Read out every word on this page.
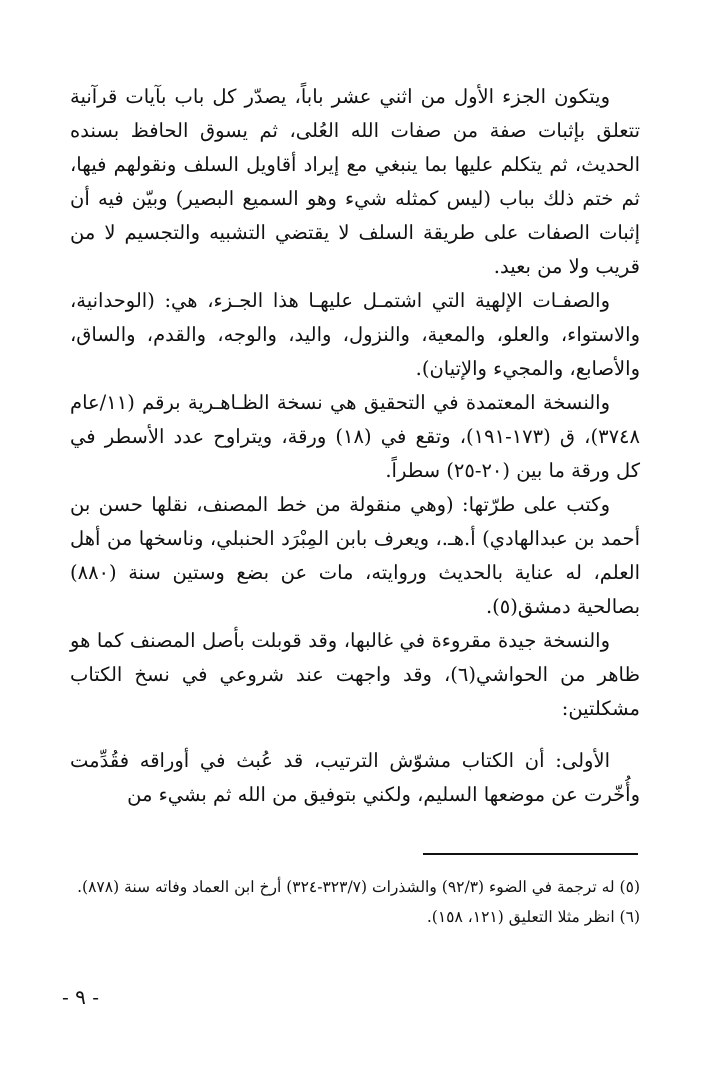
ويتكون الجزء الأول من اثني عشر باباً، يصدّر كل باب بآيات قرآنية تتعلق بإثبات صفة من صفات الله العُلى، ثم يسوق الحافظ بسنده الحديث، ثم يتكلم عليها بما ينبغي مع إيراد أقاويل السلف ونقولهم فيها، ثم ختم ذلك بباب (ليس كمثله شيء وهو السميع البصير) وبيّن فيه أن إثبات الصفات على طريقة السلف لا يقتضي التشبيه والتجسيم لا من قريب ولا من بعيد.

والصفـات الإلهية التي اشتمـل عليهـا هذا الجـزء، هي: (الوحدانية، والاستواء، والعلو، والمعية، والنزول، واليد، والوجه، والقدم، والساق، والأصابع، والمجيء والإتيان).

والنسخة المعتمدة في التحقيق هي نسخة الظـاهـرية برقم (١١/عام ٣٧٤٨)، ق (١٧٣-١٩١)، وتقع في (١٨) ورقة، ويتراوح عدد الأسطر في كل ورقة ما بين (٢٠-٢٥) سطراً.

وكتب على طرّتها: (وهي منقولة من خط المصنف، نقلها حسن بن أحمد بن عبدالهادي) أ.هـ.، ويعرف بابن المِبْرَد الحنبلي، وناسخها من أهل العلم، له عناية بالحديث وروايته، مات عن بضع وستين سنة (٨٨٠) بصالحية دمشق(٥).

والنسخة جيدة مقروءة في غالبها، وقد قوبلت بأصل المصنف كما هو ظاهر من الحواشي(٦)، وقد واجهت عند شروعي في نسخ الكتاب مشكلتين:

الأولى: أن الكتاب مشوّش الترتيب، قد عُبث في أوراقه فقُدِّمت وأُخّرت عن موضعها السليم، ولكني بتوفيق من الله ثم بشيء من

(٥) له ترجمة في الضوء (٩٢/٣) والشذرات (٣٢٣/٧-٣٢٤) أرخ ابن العماد وفاته سنة (٨٧٨).

(٦) انظر مثلا التعليق (١٢١، ١٥٨).

- ٩ -
